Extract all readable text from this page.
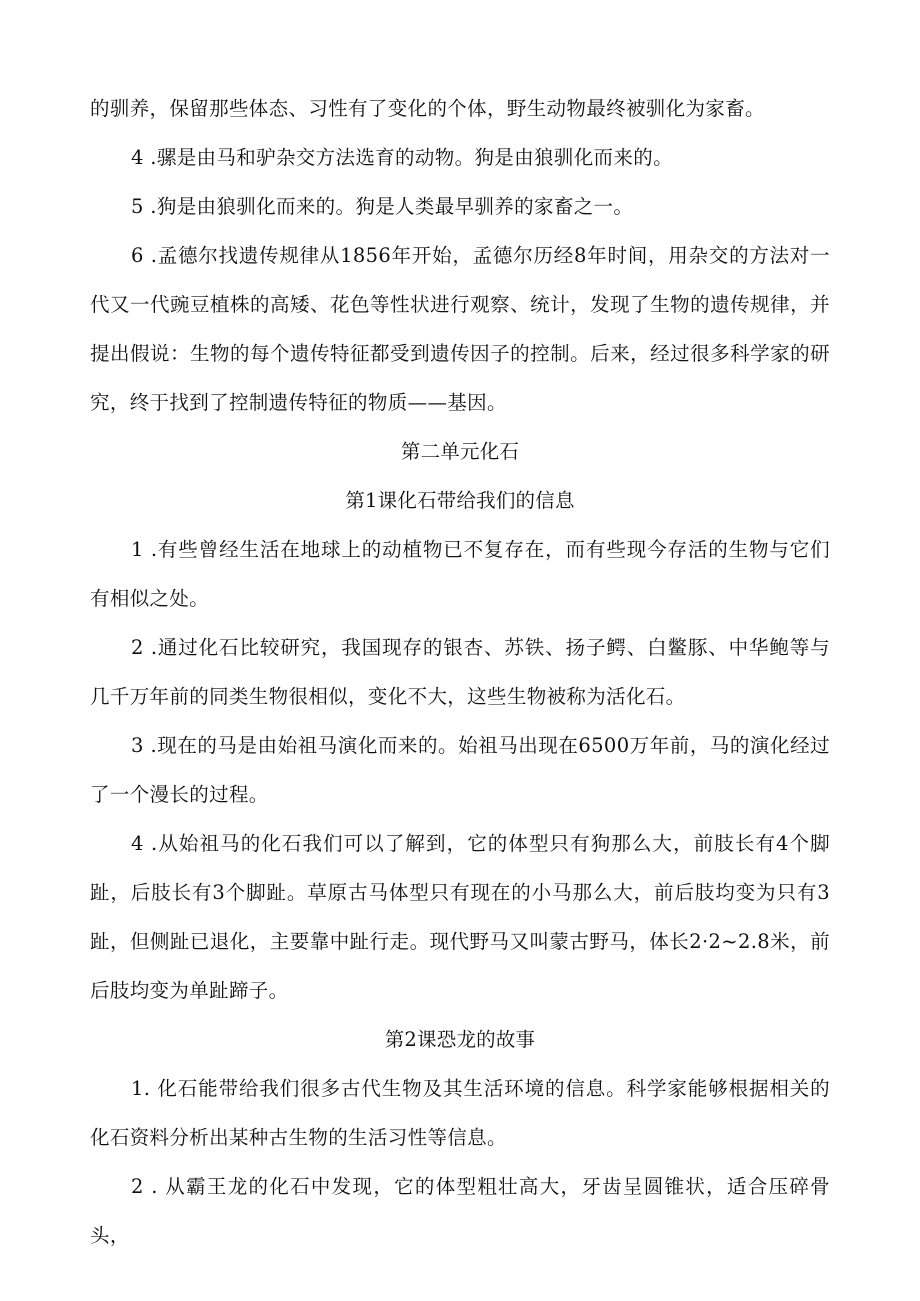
的驯养，保留那些体态、习性有了变化的个体，野生动物最终被驯化为家畜。

4 .骡是由马和驴杂交方法选育的动物。狗是由狼驯化而来的。

5 .狗是由狼驯化而来的。狗是人类最早驯养的家畜之一。

6 .孟德尔找遗传规律从1856年开始，孟德尔历经8年时间，用杂交的方法对一代又一代豌豆植株的高矮、花色等性状进行观察、统计，发现了生物的遗传规律，并提出假说：生物的每个遗传特征都受到遗传因子的控制。后来，经过很多科学家的研究，终于找到了控制遗传特征的物质——基因。

第二单元化石

第1课化石带给我们的信息

1 .有些曾经生活在地球上的动植物已不复存在，而有些现今存活的生物与它们有相似之处。

2 .通过化石比较研究，我国现存的银杏、苏铁、扬子鳄、白鳖豚、中华鲍等与几千万年前的同类生物很相似，变化不大，这些生物被称为活化石。

3 .现在的马是由始祖马演化而来的。始祖马出现在6500万年前，马的演化经过了一个漫长的过程。

4 .从始祖马的化石我们可以了解到，它的体型只有狗那么大，前肢长有4个脚趾，后肢长有3个脚趾。草原古马体型只有现在的小马那么大，前后肢均变为只有3趾，但侧趾已退化，主要靠中趾行走。现代野马又叫蒙古野马，体长2·2~2.8米，前后肢均变为单趾蹄子。

第2课恐龙的故事

1. 化石能带给我们很多古代生物及其生活环境的信息。科学家能够根据相关的化石资料分析出某种古生物的生活习性等信息。

2 . 从霸王龙的化石中发现，它的体型粗壮高大，牙齿呈圆锥状，适合压碎骨头，
